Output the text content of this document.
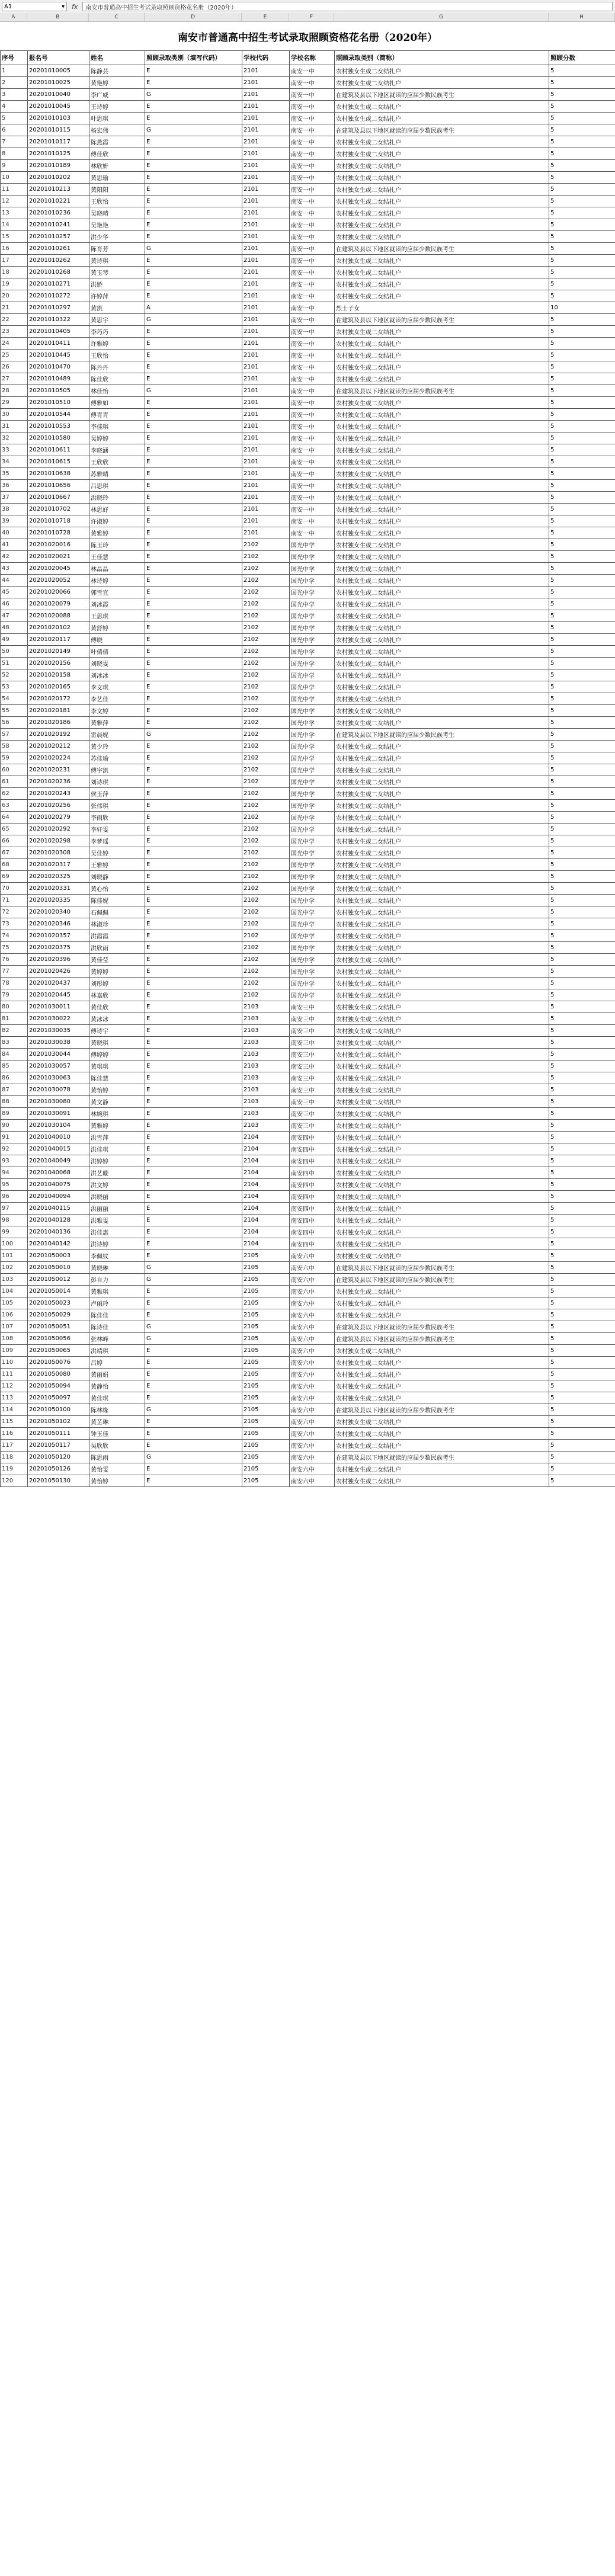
A1	▾ fx	南安市普通高中招生考试录取照顾资格花名册（2020年）
A	B	C	D	E	F	G	H
南安市普通高中招生考试录取照顾资格花名册（2020年）
序号	报名号	姓名	照顾录取类别（填写代码）	学校代码	学校名称	照顾录取类别（简称）	照顾分数
1	20201010005	陈静芸	E	2101	南安一中	农村独女生或二女结扎户	5
2	20201010025	黄艳婷	E	2101	南安一中	农村独女生或二女结扎户	5
3	20201010040	李广威	G	2101	南安一中	在建筑及县以下地区就读的应届少数民族考生	5
4	20201010045	王诗婷	E	2101	南安一中	农村独女生或二女结扎户	5
5	20201010103	叶思琪	E	2101	南安一中	农村独女生或二女结扎户	5
6	20201010115	杨宏伟	G	2101	南安一中	在建筑及县以下地区就读的应届少数民族考生	5
7	20201010117	陈燕霞	E	2101	南安一中	农村独女生或二女结扎户	5
8	20201010125	傅佳欣	E	2101	南安一中	农村独女生或二女结扎户	5
9	20201010189	林欣妍	E	2101	南安一中	农村独女生或二女结扎户	5
10	20201010202	黄思瑜	E	2101	南安一中	农村独女生或二女结扎户	5
11	20201010213	黄阳阳	E	2101	南安一中	农村独女生或二女结扎户	5
12	20201010221	王欣怡	E	2101	南安一中	农村独女生或二女结扎户	5
13	20201010236	吴晓晴	E	2101	南安一中	农村独女生或二女结扎户	5
14	20201010241	吴艳艳	E	2101	南安一中	农村独女生或二女结扎户	5
15	20201010257	洪少华	E	2101	南安一中	农村独女生或二女结扎户	5
16	20201010261	陈育芳	G	2101	南安一中	在建筑及县以下地区就读的应届少数民族考生	5
17	20201010262	黄诗琪	E	2101	南安一中	农村独女生或二女结扎户	5
18	20201010268	黄玉琴	E	2101	南安一中	农村独女生或二女结扎户	5
19	20201010271	洪娇	E	2101	南安一中	农村独女生或二女结扎户	5
20	20201010272	许婷萍	E	2101	南安一中	农村独女生或二女结扎户	5
21	20201010297	黄凯	A	2101	南安一中	烈士子女	10
22	20201010322	黄思宇	G	2101	南安一中	在建筑及县以下地区就读的应届少数民族考生	5
23	20201010405	李巧巧	E	2101	南安一中	农村独女生或二女结扎户	5
24	20201010411	许雅婷	E	2101	南安一中	农村独女生或二女结扎户	5
25	20201010445	王欣怡	E	2101	南安一中	农村独女生或二女结扎户	5
26	20201010470	陈丹丹	E	2101	南安一中	农村独女生或二女结扎户	5
27	20201010489	陈佳欣	E	2101	南安一中	农村独女生或二女结扎户	5
28	20201010505	林佳怡	G	2101	南安一中	在建筑及县以下地区就读的应届少数民族考生	5
29	20201010510	傅雅如	E	2101	南安一中	农村独女生或二女结扎户	5
30	20201010544	傅青青	E	2101	南安一中	农村独女生或二女结扎户	5
31	20201010553	李佳琪	E	2101	南安一中	农村独女生或二女结扎户	5
32	20201010580	吴婷婷	E	2101	南安一中	农村独女生或二女结扎户	5
33	20201010611	李晓涵	E	2101	南安一中	农村独女生或二女结扎户	5
34	20201010615	王欣欣	E	2101	南安一中	农村独女生或二女结扎户	5
35	20201010638	苏雅晴	E	2101	南安一中	农村独女生或二女结扎户	5
36	20201010656	吕思琪	E	2101	南安一中	农村独女生或二女结扎户	5
37	20201010667	洪晓玲	E	2101	南安一中	农村独女生或二女结扎户	5
38	20201010702	林思妤	E	2101	南安一中	农村独女生或二女结扎户	5
39	20201010718	许淑婷	E	2101	南安一中	农村独女生或二女结扎户	5
40	20201010728	黄雅婷	E	2101	南安一中	农村独女生或二女结扎户	5
41	20201020016	陈玉玲	E	2102	国光中学	农村独女生或二女结扎户	5
42	20201020021	王佳慧	E	2102	国光中学	农村独女生或二女结扎户	5
43	20201020045	林晶晶	E	2102	国光中学	农村独女生或二女结扎户	5
44	20201020052	林诗婷	E	2102	国光中学	农村独女生或二女结扎户	5
45	20201020066	郭雪宜	E	2102	国光中学	农村独女生或二女结扎户	5
46	20201020079	刘冰霞	E	2102	国光中学	农村独女生或二女结扎户	5
47	20201020088	王思琪	E	2102	国光中学	农村独女生或二女结扎户	5
48	20201020102	黄舒婷	E	2102	国光中学	农村独女生或二女结扎户	5
49	20201020117	傅晓	E	2102	国光中学	农村独女生或二女结扎户	5
50	20201020149	叶倩倩	E	2102	国光中学	农村独女生或二女结扎户	5
51	20201020156	刘晓雯	E	2102	国光中学	农村独女生或二女结扎户	5
52	20201020158	刘冰冰	E	2102	国光中学	农村独女生或二女结扎户	5
53	20201020165	李文琪	E	2102	国光中学	农村独女生或二女结扎户	5
54	20201020172	李艺佳	E	2102	国光中学	农村独女生或二女结扎户	5
55	20201020181	李文婷	E	2102	国光中学	农村独女生或二女结扎户	5
56	20201020186	黄雅萍	E	2102	国光中学	农村独女生或二女结扎户	5
57	20201020192	雷晨妮	G	2102	国光中学	在建筑及县以下地区就读的应届少数民族考生	5
58	20201020212	黄少玲	E	2102	国光中学	农村独女生或二女结扎户	5
59	20201020224	苏佳瑜	E	2102	国光中学	农村独女生或二女结扎户	5
60	20201020231	傅宇凯	E	2102	国光中学	农村独女生或二女结扎户	5
61	20201020236	刘诗琪	E	2102	国光中学	农村独女生或二女结扎户	5
62	20201020243	侯玉萍	E	2102	国光中学	农村独女生或二女结扎户	5
63	20201020256	张伟琪	E	2102	国光中学	农村独女生或二女结扎户	5
64	20201020279	李雨欣	E	2102	国光中学	农村独女生或二女结扎户	5
65	20201020292	李轩雯	E	2102	国光中学	农村独女生或二女结扎户	5
66	20201020298	李梦瑶	E	2102	国光中学	农村独女生或二女结扎户	5
67	20201020308	吴佳婷	E	2102	国光中学	农村独女生或二女结扎户	5
68	20201020317	王雅婷	E	2102	国光中学	农村独女生或二女结扎户	5
69	20201020325	刘晓静	E	2102	国光中学	农村独女生或二女结扎户	5
70	20201020331	黄心怡	E	2102	国光中学	农村独女生或二女结扎户	5
71	20201020335	陈佳妮	E	2102	国光中学	农村独女生或二女结扎户	5
72	20201020340	石佩佩	E	2102	国光中学	农村独女生或二女结扎户	5
73	20201020346	林淑珍	E	2102	国光中学	农村独女生或二女结扎户	5
74	20201020357	洪霞霞	E	2102	国光中学	农村独女生或二女结扎户	5
75	20201020375	洪欣雨	E	2102	国光中学	农村独女生或二女结扎户	5
76	20201020396	黄佳莹	E	2102	国光中学	农村独女生或二女结扎户	5
77	20201020426	黄婷婷	E	2102	国光中学	农村独女生或二女结扎户	5
78	20201020437	刘彤婷	E	2102	国光中学	农村独女生或二女结扎户	5
79	20201020445	林嘉欣	E	2102	国光中学	农村独女生或二女结扎户	5
80	20201030011	黄佳欣	E	2103	南安三中	农村独女生或二女结扎户	5
81	20201030022	黄冰冰	E	2103	南安三中	农村独女生或二女结扎户	5
82	20201030035	傅诗宇	E	2103	南安三中	农村独女生或二女结扎户	5
83	20201030038	黄晓琪	E	2103	南安三中	农村独女生或二女结扎户	5
84	20201030044	傅婷婷	E	2103	南安三中	农村独女生或二女结扎户	5
85	20201030057	黄琪琪	E	2103	南安三中	农村独女生或二女结扎户	5
86	20201030063	陈佳慧	E	2103	南安三中	农村独女生或二女结扎户	5
87	20201030078	黄怡婷	E	2103	南安三中	农村独女生或二女结扎户	5
88	20201030080	黄文静	E	2103	南安三中	农村独女生或二女结扎户	5
89	20201030091	林婉琪	E	2103	南安三中	农村独女生或二女结扎户	5
90	20201030104	黄雅婷	E	2103	南安三中	农村独女生或二女结扎户	5
91	20201040010	洪雪萍	E	2104	南安四中	农村独女生或二女结扎户	5
92	20201040015	洪佳琪	E	2104	南安四中	农村独女生或二女结扎户	5
93	20201040049	洪婷婷	E	2104	南安四中	农村独女生或二女结扎户	5
94	20201040068	洪艺璇	E	2104	南安四中	农村独女生或二女结扎户	5
95	20201040075	洪文婷	E	2104	南安四中	农村独女生或二女结扎户	5
96	20201040094	洪晓丽	E	2104	南安四中	农村独女生或二女结扎户	5
97	20201040115	洪丽丽	E	2104	南安四中	农村独女生或二女结扎户	5
98	20201040128	洪雅雯	E	2104	南安四中	农村独女生或二女结扎户	5
99	20201040136	洪佳惠	E	2104	南安四中	农村独女生或二女结扎户	5
100	20201040142	洪诗婷	E	2104	南安四中	农村独女生或二女结扎户	5
101	20201050003	李佩纹	E	2105	南安六中	农村独女生或二女结扎户	5
102	20201050010	黄晓琳	G	2105	南安六中	在建筑及县以下地区就读的应届少数民族考生	5
103	20201050012	彭自力	G	2105	南安六中	在建筑及县以下地区就读的应届少数民族考生	5
104	20201050014	黄雅琪	E	2105	南安六中	农村独女生或二女结扎户	5
105	20201050023	卢丽玲	E	2105	南安六中	农村独女生或二女结扎户	5
106	20201050029	陈佳佳	E	2105	南安六中	农村独女生或二女结扎户	5
107	20201050051	陈诗佳	G	2105	南安六中	在建筑及县以下地区就读的应届少数民族考生	5
108	20201050056	张林峰	G	2105	南安六中	在建筑及县以下地区就读的应届少数民族考生	5
109	20201050065	洪靖琪	E	2105	南安六中	农村独女生或二女结扎户	5
110	20201050076	吕婷	E	2105	南安六中	农村独女生或二女结扎户	5
111	20201050080	黄丽娟	E	2105	南安六中	农村独女生或二女结扎户	5
112	20201050094	黄静怡	E	2105	南安六中	农村独女生或二女结扎户	5
113	20201050097	黄佳琪	E	2105	南安六中	农村独女生或二女结扎户	5
114	20201050100	陈林缘	G	2105	南安六中	在建筑及县以下地区就读的应届少数民族考生	5
115	20201050102	黄芷琳	E	2105	南安六中	农村独女生或二女结扎户	5
116	20201050111	钟玉佳	E	2105	南安六中	农村独女生或二女结扎户	5
117	20201050117	吴欣欣	E	2105	南安六中	农村独女生或二女结扎户	5
118	20201050120	陈思雨	G	2105	南安六中	在建筑及县以下地区就读的应届少数民族考生	5
119	20201050126	黄怡雯	E	2105	南安六中	农村独女生或二女结扎户	5
120	20201050130	黄怡婷	E	2105	南安六中	农村独女生或二女结扎户	5
